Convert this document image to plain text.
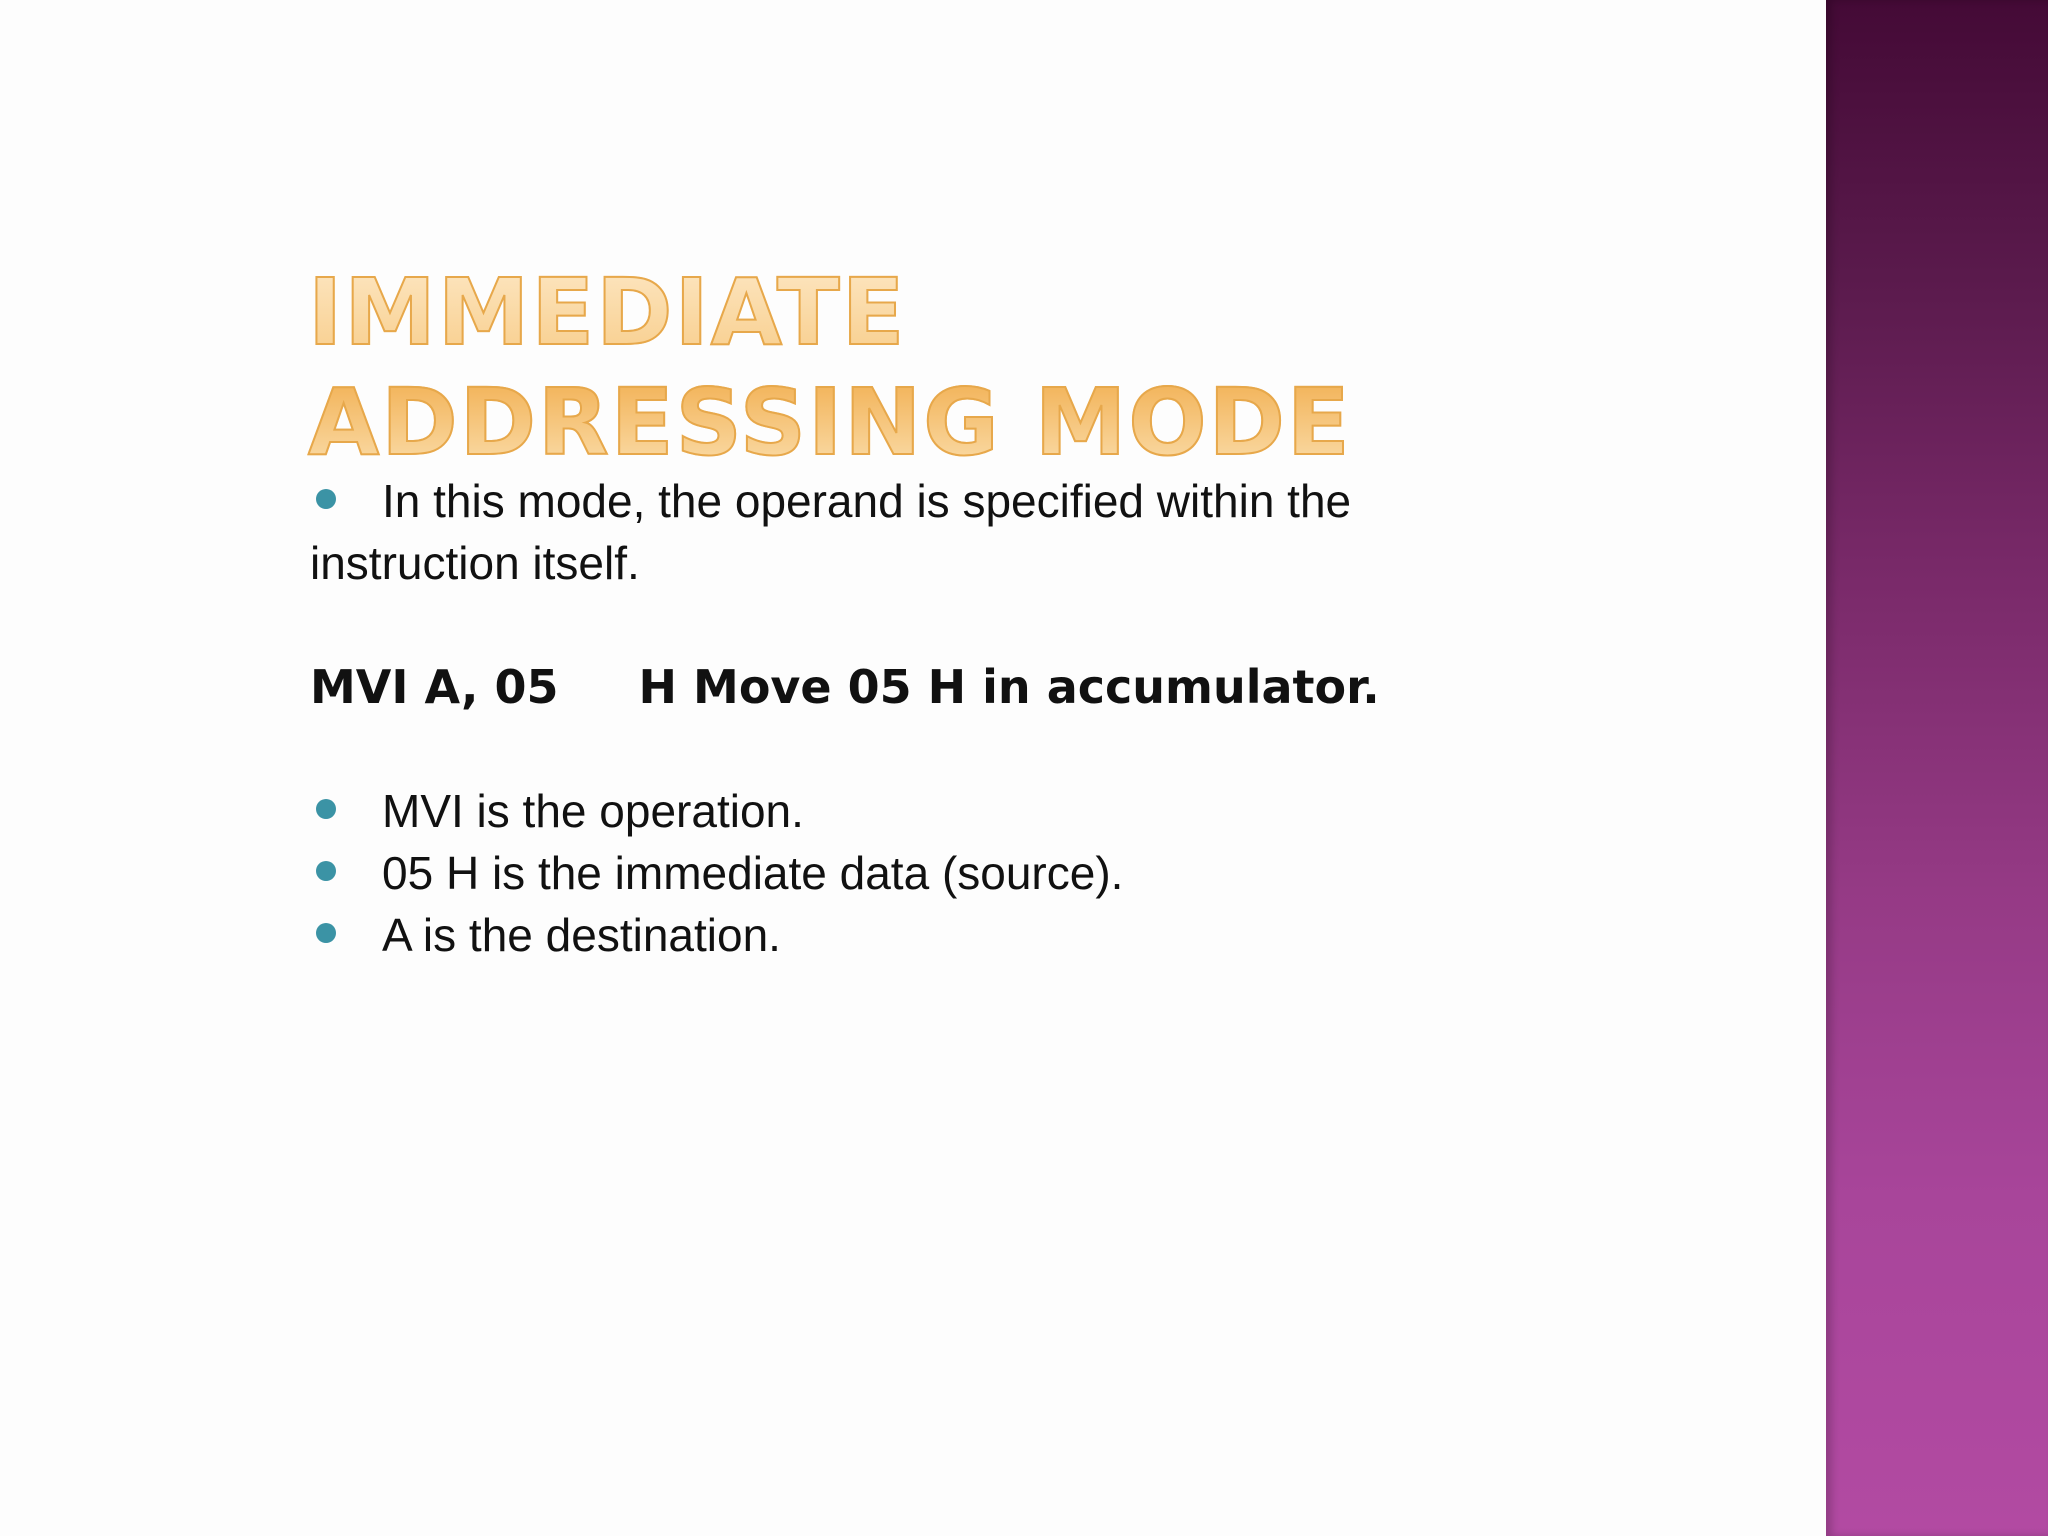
IMMEDIATE ADDRESSING MODE

In this mode, the operand is specified within the instruction itself.

MVI A, 05     H Move 05 H in accumulator.

MVI is the operation.
05 H is the immediate data (source).
A is the destination.
